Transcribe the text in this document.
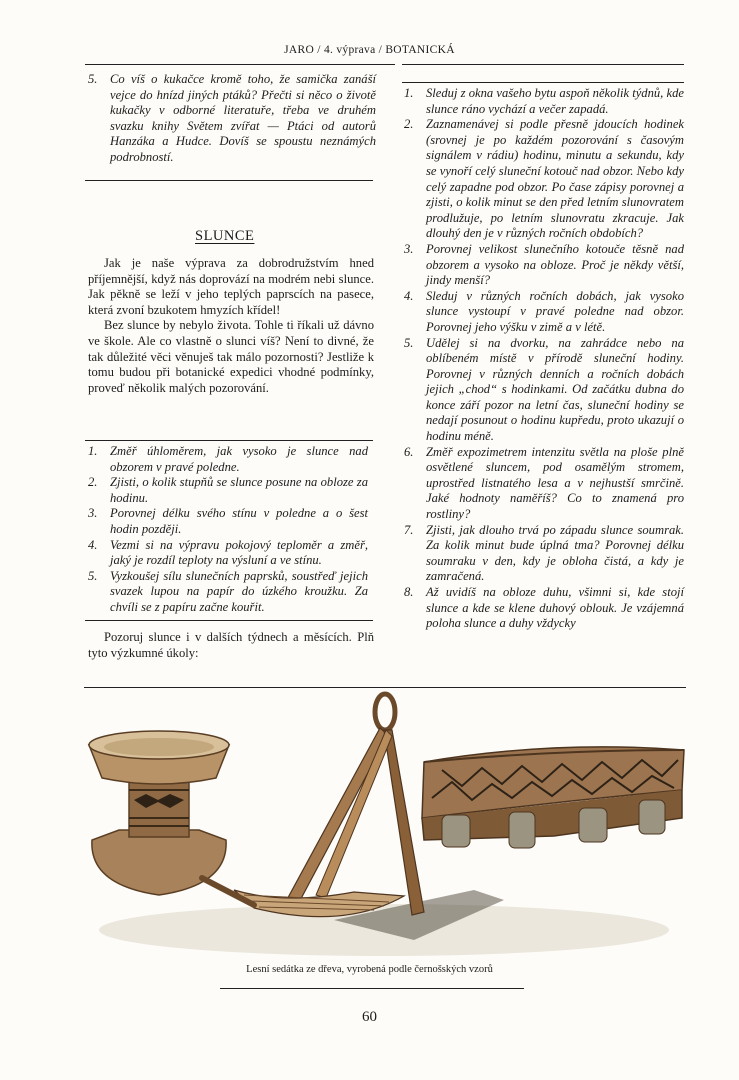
JARO / 4. výprava / BOTANICKÁ
5. Co víš o kukačce kromě toho, že samička zanáší vejce do hnízd jiných ptáků? Přečti si něco o životě kukačky v odborné literatuře, třeba ve druhém svazku knihy Světem zvířat — Ptáci od autorů Hanzáka a Hudce. Dovíš se spoustu neznámých podrobností.
SLUNCE

Jak je naše výprava za dobrodružstvím hned příjemnější, když nás doprovází na modrém nebi slunce. Jak pěkně se leží v jeho teplých paprscích na pasece, která zvoní bzukotem hmyzích křídel!

Bez slunce by nebylo života. Tohle ti říkali už dávno ve škole. Ale co vlastně o slunci víš? Není to divné, že tak důležité věci věnuješ tak málo pozornosti? Jestliže k tomu budou při botanické expedici vhodné podmínky, proveď několik malých pozorování.

1. Změř úhloměrem, jak vysoko je slunce nad obzorem v pravé poledne.
2. Zjisti, o kolik stupňů se slunce posune na obloze za hodinu.
3. Porovnej délku svého stínu v poledne a o šest hodin později.
4. Vezmi si na výpravu pokojový teploměr a změř, jaký je rozdíl teploty na výsluní a ve stínu.
5. Vyzkoušej sílu slunečních paprsků, soustřeď jejich svazek lupou na papír do úzkého kroužku. Za chvíli se z papíru začne kouřit.

Pozoruj slunce i v dalších týdnech a měsících. Plň tyto výzkumné úkoly:

1. Sleduj z okna vašeho bytu aspoň několik týdnů, kde slunce ráno vychází a večer zapadá.
2. Zaznamenávej si podle přesně jdoucích hodinek (srovnej je po každém pozorování s časovým signálem v rádiu) hodinu, minutu a sekundu, kdy se vynoří celý sluneční kotouč nad obzor. Nebo kdy celý zapadne pod obzor. Po čase zápisy porovnej a zjisti, o kolik minut se den před letním slunovratem prodlužuje, po letním slunovratu zkracuje. Jak dlouhý den je v různých ročních obdobích?
3. Porovnej velikost slunečního kotouče těsně nad obzorem a vysoko na obloze. Proč je někdy větší, jindy menší?
4. Sleduj v různých ročních dobách, jak vysoko slunce vystoupí v pravé poledne nad obzor. Porovnej jeho výšku v zimě a v létě.
5. Udělej si na dvorku, na zahrádce nebo na oblíbeném místě v přírodě sluneční hodiny. Porovnej v různých denních a ročních dobách jejich „chod“ s hodinkami. Od začátku dubna do konce září pozor na letní čas, sluneční hodiny se nedají posunout o hodinu kupředu, proto ukazují o hodinu méně.
6. Změř expozimetrem intenzitu světla na ploše plně osvětlené sluncem, pod osamělým stromem, uprostřed listnatého lesa a v nejhustší smrčině. Jaké hodnoty naměříš? Co to znamená pro rostliny?
7. Zjisti, jak dlouho trvá po západu slunce soumrak. Za kolik minut bude úplná tma? Porovnej délku soumraku v den, kdy je obloha čistá, a kdy je zamračená.
8. Až uvidíš na obloze duhu, všimni si, kde stojí slunce a kde se klene duhový oblouk. Je vzájemná poloha slunce a duhy vždycky
Lesní sedátka ze dřeva, vyrobená podle černošských vzorů
60
